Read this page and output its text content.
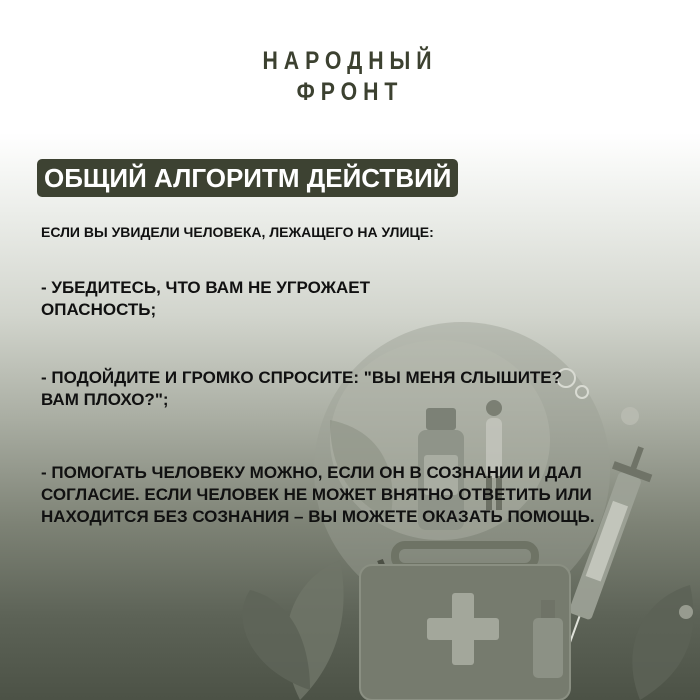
НАРОДНЫЙ
ФРОНТ
ОБЩИЙ АЛГОРИТМ ДЕЙСТВИЙ
ЕСЛИ ВЫ УВИДЕЛИ ЧЕЛОВЕКА, ЛЕЖАЩЕГО НА УЛИЦЕ:
- УБЕДИТЕСЬ, ЧТО ВАМ НЕ УГРОЖАЕТ ОПАСНОСТЬ;
- ПОДОЙДИТЕ И ГРОМКО СПРОСИТЕ: "ВЫ МЕНЯ СЛЫШИТЕ? ВАМ ПЛОХО?";
- ПОМОГАТЬ ЧЕЛОВЕКУ МОЖНО, ЕСЛИ ОН В СОЗНАНИИ И ДАЛ СОГЛАСИЕ. ЕСЛИ ЧЕЛОВЕК НЕ МОЖЕТ ВНЯТНО ОТВЕТИТЬ ИЛИ НАХОДИТСЯ БЕЗ СОЗНАНИЯ – ВЫ МОЖЕТЕ ОКАЗАТЬ ПОМОЩЬ.
